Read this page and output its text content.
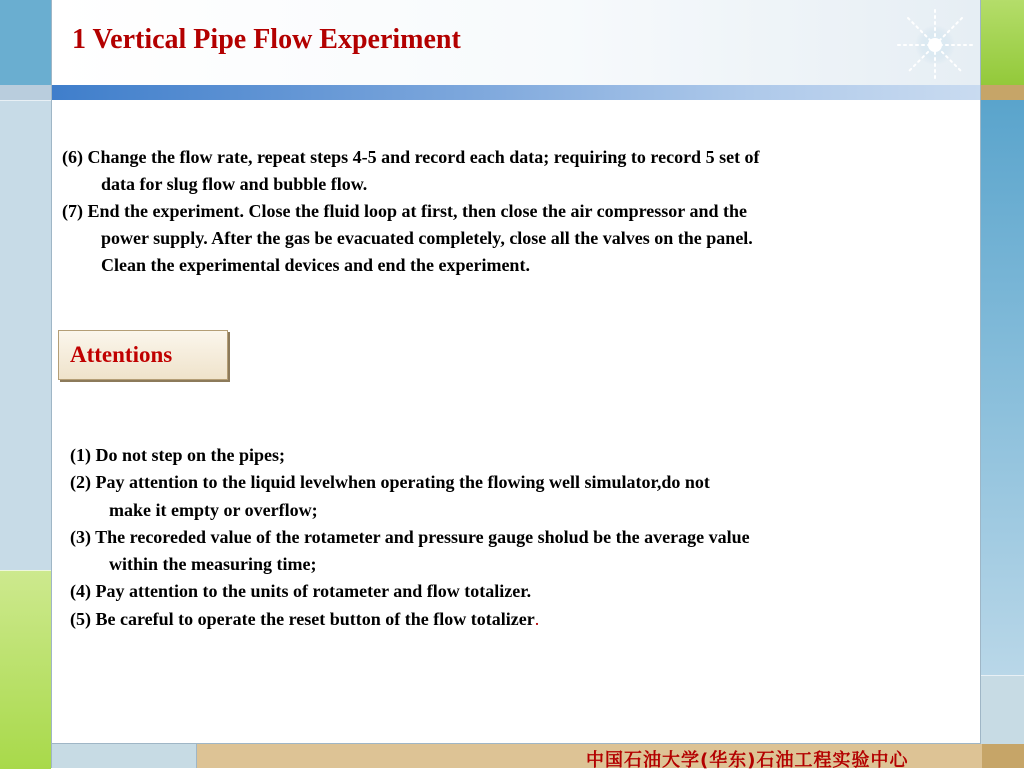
1 Vertical Pipe Flow Experiment
(6) Change the flow rate, repeat steps 4-5 and record each data; requiring to record 5 set of
data for slug flow and bubble flow.
(7) End the experiment. Close the fluid loop at first, then close the air compressor and the
power supply. After the gas be evacuated completely, close all the valves on the panel.
Clean the experimental devices and end the experiment.
Attentions
(1) Do not step on the pipes;
(2) Pay attention to the liquid levelwhen operating the flowing well simulator,do not
make it empty or overflow;
(3) The recoreded value of the rotameter and pressure gauge sholud be the average value
within the measuring time;
(4) Pay attention to the units of rotameter and flow totalizer.
(5) Be careful to operate the reset button of the flow totalizer.
中国石油大学(华东)石油工程实验中心
